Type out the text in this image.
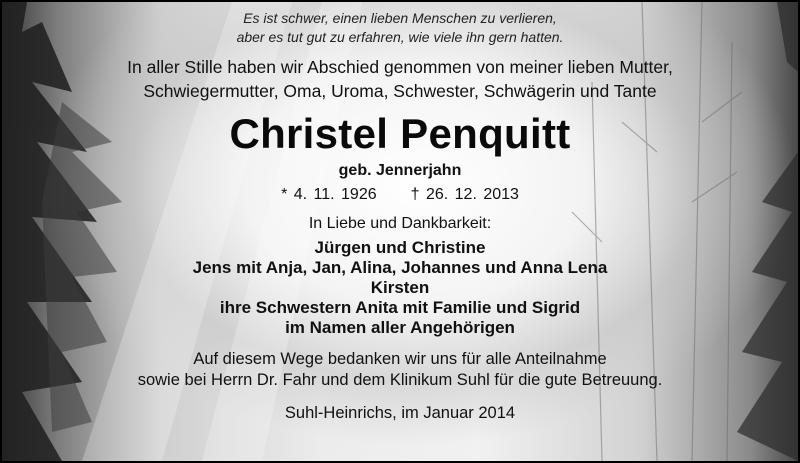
Es ist schwer, einen lieben Menschen zu verlieren,
aber es tut gut zu erfahren, wie viele ihn gern hatten.
In aller Stille haben wir Abschied genommen von meiner lieben Mutter,
Schwiegermutter, Oma, Uroma, Schwester, Schwägerin und Tante
Christel Penquitt
geb. Jennerjahn
* 4. 11. 1926 † 26. 12. 2013
In Liebe und Dankbarkeit:
Jürgen und Christine
Jens mit Anja, Jan, Alina, Johannes und Anna Lena
Kirsten
ihre Schwestern Anita mit Familie und Sigrid
im Namen aller Angehörigen
Auf diesem Wege bedanken wir uns für alle Anteilnahme
sowie bei Herrn Dr. Fahr und dem Klinikum Suhl für die gute Betreuung.
Suhl-Heinrichs, im Januar 2014
